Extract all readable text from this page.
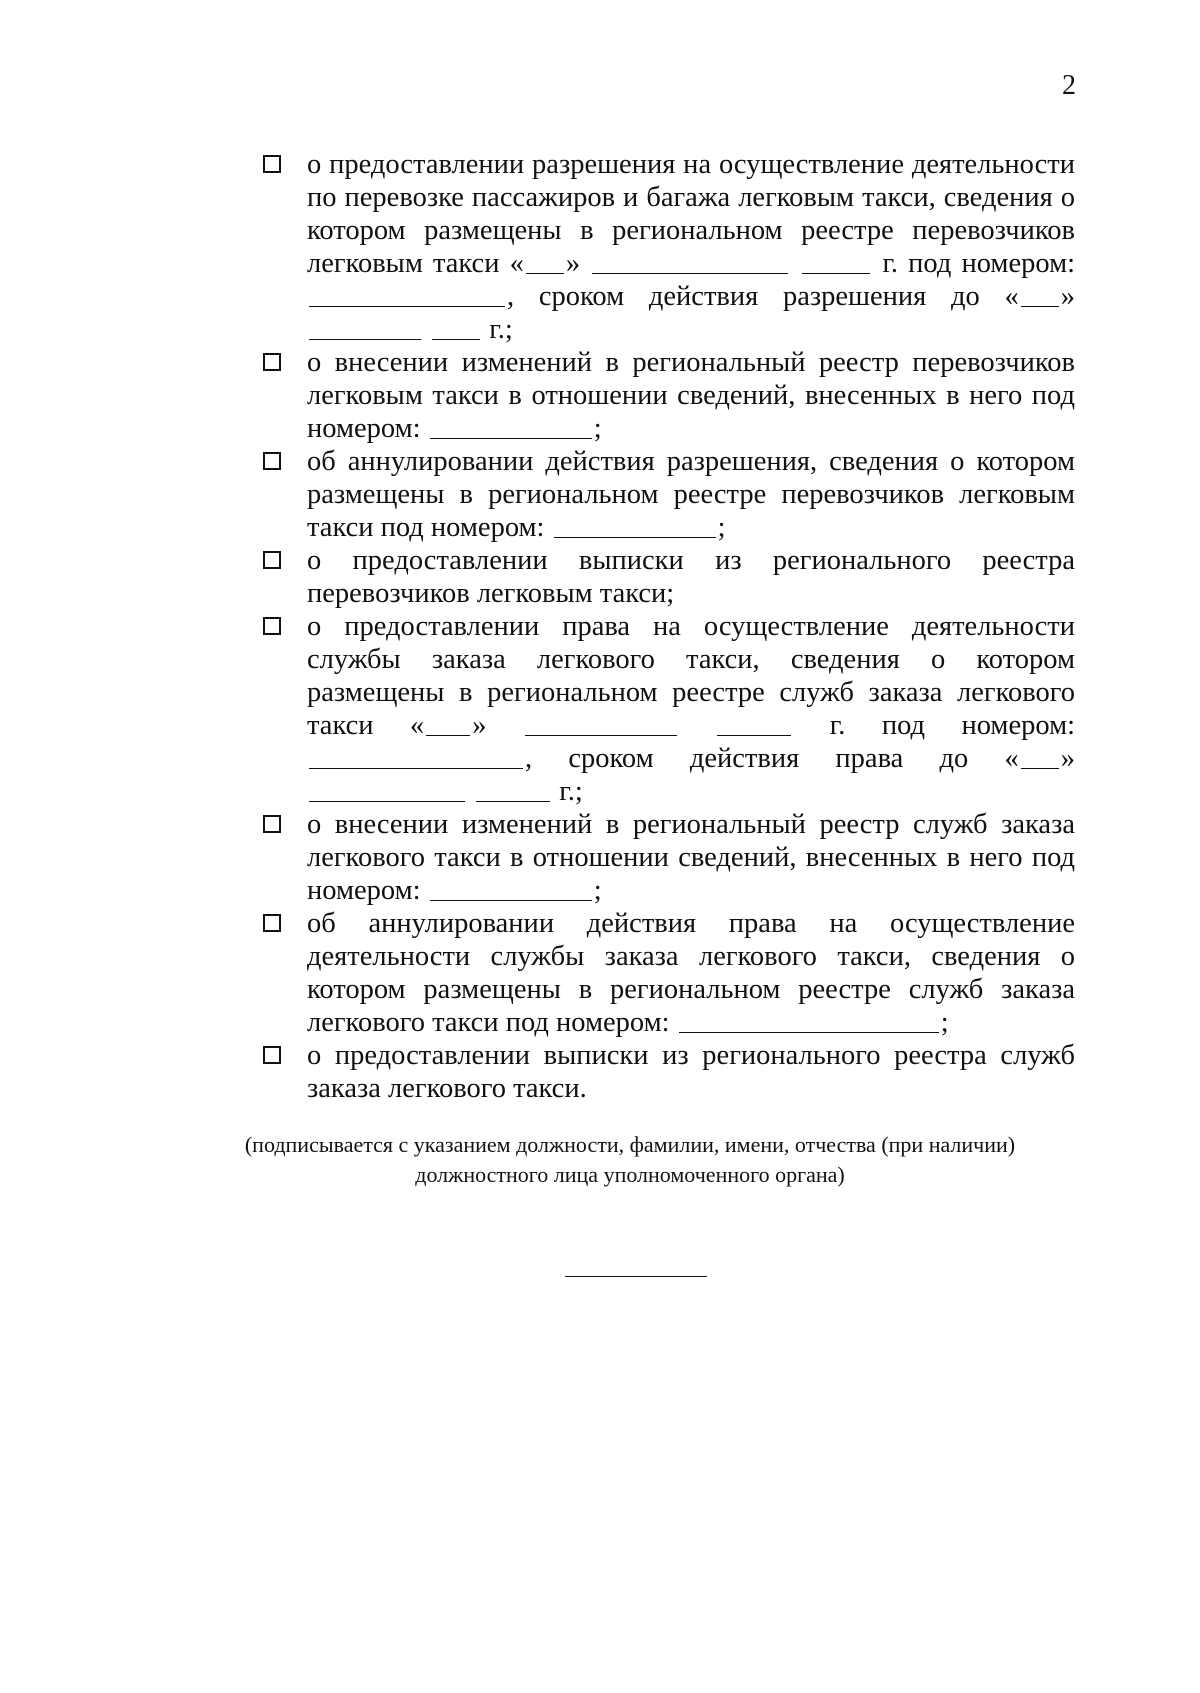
2
о предоставлении разрешения на осуществление деятельности по перевозке пассажиров и багажа легковым такси, сведения о котором размещены в региональном реестре перевозчиков легковым такси « »	г. под номером: , сроком действия разрешения до « »   г.;
о внесении изменений в региональный реестр перевозчиков легковым такси в отношении сведений, внесенных в него под номером:	;
об аннулировании действия разрешения, сведения о котором размещены в региональном реестре перевозчиков легковым такси под номером:	;
о предоставлении выписки из регионального реестра перевозчиков легковым такси;
о предоставлении права на осуществление деятельности службы заказа легкового такси, сведения о котором размещены в региональном реестре служб заказа легкового такси « »	г. под номером: , сроком действия права до « »   г.;
о внесении изменений в региональный реестр служб заказа легкового такси в отношении сведений, внесенных в него под номером:	;
об аннулировании действия права на осуществление деятельности службы заказа легкового такси, сведения о котором размещены в региональном реестре служб заказа легкового такси под номером:	;
о предоставлении выписки из регионального реестра служб заказа легкового такси.
(подписывается с указанием должности, фамилии, имени, отчества (при наличии)
должностного лица уполномоченного органа)
